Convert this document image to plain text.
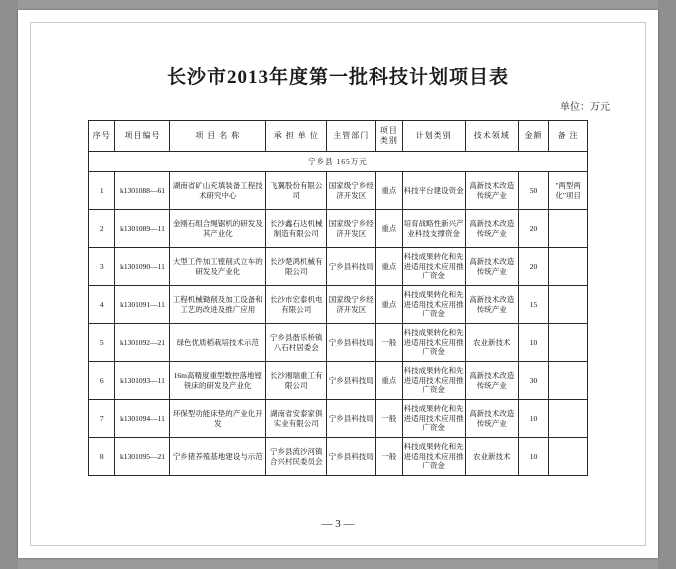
长沙市2013年度第一批科技计划项目表
单位：万元
序号	项目编号	项 目 名 称	承 担 单 位	主管部门	项目类别	计划类别	技术领域	金额	备 注
宁乡县 165万元									
1	k1301088—61	湖南省矿山充填装备工程技术研究中心	飞翼股份有限公司	国家级宁乡经济开发区	重点	科技平台建设资金	高新技术改造传统产业	50	"两型两化"项目
2	k1301089—11	金刚石组合绳锯机的研发及其产业化	长沙鑫石达机械制造有限公司	国家级宁乡经济开发区	重点	培育战略性新兴产业科技支撑资金	高新技术改造传统产业	20	
3	k1301090—11	大型工件加工镗削式立车的研发及产业化	长沙楚鸿机械有限公司	宁乡县科技局	重点	科技成果转化和先进适用技术应用推广资金	高新技术改造传统产业	20	
4	k1301091—11	工程机械锄削及加工设备和工艺的改进及推广应用	长沙市宏泰机电有限公司	国家级宁乡经济开发区	重点	科技成果转化和先进适用技术应用推广资金	高新技术改造传统产业	15	
5	k1301092—21	绿色优质稻栽培技术示范	宁乡县偕乐桥镇八石村居委会	宁乡县科技局	一般	科技成果转化和先进适用技术应用推广资金	农业新技术	10	
6	k1301093—11	16m高精度重型数控落地镗铣床的研发及产业化	长沙湘瑞重工有限公司	宁乡县科技局	重点	科技成果转化和先进适用技术应用推广资金	高新技术改造传统产业	30	
7	k1301094—11	环保型功能床垫的产业化开发	湖南省安泰家俱实业有限公司	宁乡县科技局	一般	科技成果转化和先进适用技术应用推广资金	高新技术改造传统产业	10	
8	k1301095—21	宁乡猪养殖基地建设与示范	宁乡县流沙河镇合兴村民委员会	宁乡县科技局	一般	科技成果转化和先进适用技术应用推广资金	农业新技术	10	
— 3 —
